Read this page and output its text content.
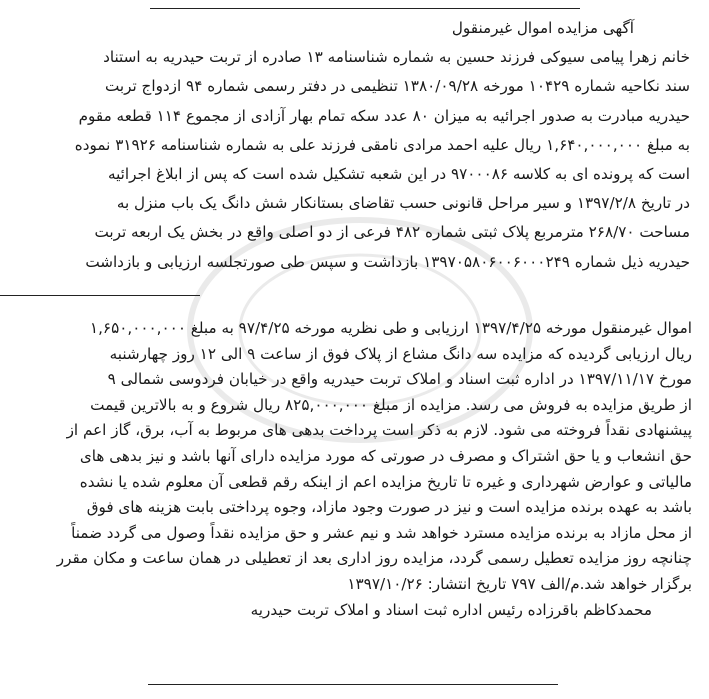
آگهی مزایده اموال غیرمنقول
خانم زهرا پیامی سیوکی فرزند حسین به شماره شناسنامه ۱۳ صادره از تربت حیدریه به استناد
سند نکاحیه شماره ۱۰۴۲۹ مورخه ۱۳۸۰/۰۹/۲۸ تنظیمی در دفتر رسمی شماره ۹۴ ازدواج تربت
حیدریه مبادرت به صدور اجرائیه به میزان ۸۰ عدد سکه تمام بهار آزادی از مجموع ۱۱۴ قطعه مقوم
به مبلغ ۱,۶۴۰,۰۰۰,۰۰۰ ریال علیه احمد مرادی نامقی فرزند علی به شماره شناسنامه ۳۱۹۲۶ نموده
است که پرونده ای به کلاسه ۹۷۰۰۰۸۶ در این شعبه تشکیل شده است که پس از ابلاغ اجرائیه
در تاریخ ۱۳۹۷/۲/۸ و سیر مراحل قانونی حسب تقاضای بستانکار شش دانگ یک باب منزل به
مساحت ۲۶۸/۷۰ مترمربع پلاک ثبتی شماره ۴۸۲ فرعی از دو اصلی واقع در بخش یک اربعه تربت
حیدریه ذیل شماره ۱۳۹۷۰۵۸۰۶۰۰۶۰۰۰۲۴۹ بازداشت و سپس طی صورتجلسه ارزیابی و بازداشت
اموال غیرمنقول مورخه ۱۳۹۷/۴/۲۵ ارزیابی و طی نظریه مورخه ۹۷/۴/۲۵ به مبلغ ۱,۶۵۰,۰۰۰,۰۰۰
ریال ارزیابی گردیده که مزایده سه دانگ مشاع از پلاک فوق از ساعت ۹ الی ۱۲ روز چهارشنبه
مورخ ۱۳۹۷/۱۱/۱۷ در اداره ثبت اسناد و املاک تربت حیدریه واقع در خیابان فردوسی شمالی ۹
از طریق مزایده به فروش می رسد. مزایده از مبلغ ۸۲۵,۰۰۰,۰۰۰ ریال شروع و به بالاترین قیمت
پیشنهادی نقداً فروخته می شود. لازم به ذکر است پرداخت بدهی های مربوط به آب، برق، گاز اعم از
حق انشعاب و یا حق اشتراک و مصرف در صورتی که مورد مزایده دارای آنها باشد و نیز بدهی های
مالیاتی و عوارض شهرداری و غیره تا تاریخ مزایده اعم از اینکه رقم قطعی آن معلوم شده یا نشده
باشد به عهده برنده مزایده است و نیز در صورت وجود مازاد، وجوه پرداختی بابت هزینه های فوق
از محل مازاد به برنده مزایده مسترد خواهد شد و نیم عشر و حق مزایده نقداً وصول می گردد ضمناً
چنانچه روز مزایده تعطیل رسمی گردد، مزایده روز اداری بعد از تعطیلی در همان ساعت و مکان مقرر
برگزار خواهد شد.م/الف ۷۹۷ تاریخ انتشار: ۱۳۹۷/۱۰/۲۶
محمدکاظم باقرزاده رئیس اداره ثبت اسناد و املاک تربت حیدریه
